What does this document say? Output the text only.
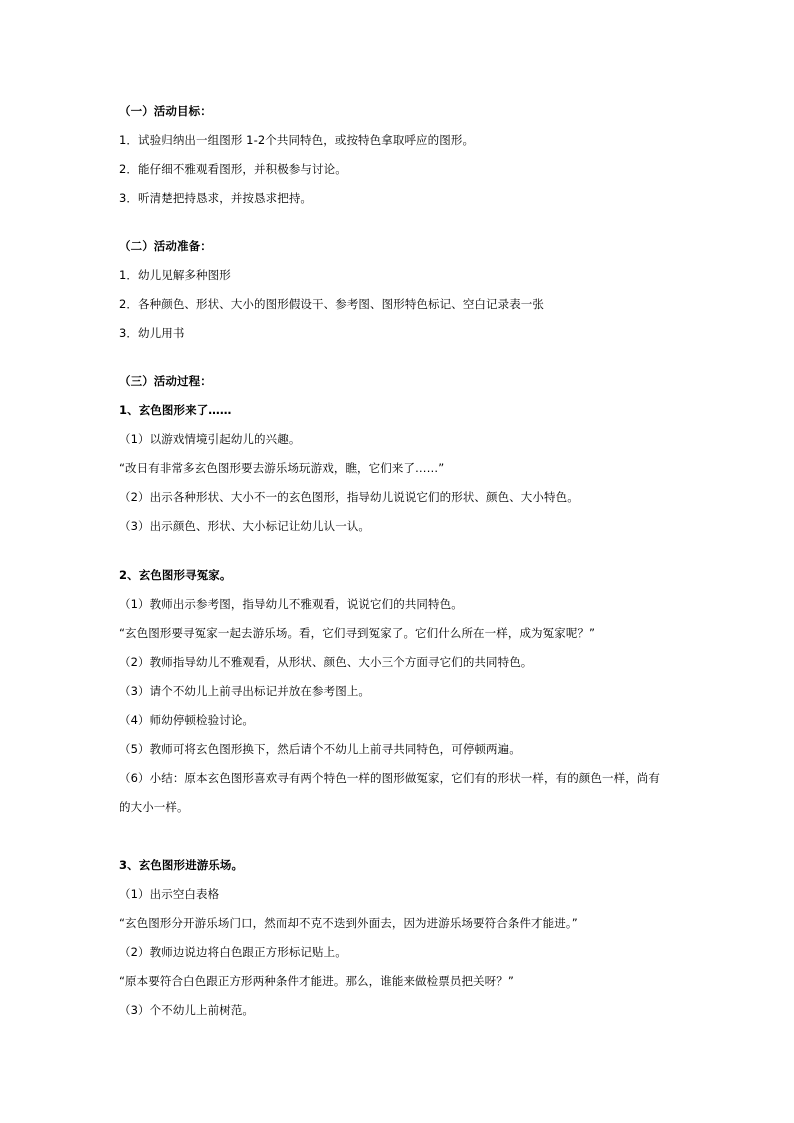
（一）活动目标：
1．试验归纳出一组图形 1-2个共同特色，或按特色拿取呼应的图形。
2．能仔细不雅观看图形，并积极参与讨论。
3．听清楚把持恳求，并按恳求把持。
（二）活动准备：
1．幼儿见解多种图形
2．各种颜色、形状、大小的图形假设干、参考图、图形特色标记、空白记录表一张
3．幼儿用书
（三）活动过程：
1、玄色图形来了……
（1）以游戏情境引起幼儿的兴趣。
“改日有非常多玄色图形要去游乐场玩游戏，瞧，它们来了……”
（2）出示各种形状、大小不一的玄色图形，指导幼儿说说它们的形状、颜色、大小特色。
（3）出示颜色、形状、大小标记让幼儿认一认。
2、玄色图形寻冤家。
（1）教师出示参考图，指导幼儿不雅观看，说说它们的共同特色。
“玄色图形要寻冤家一起去游乐场。看，它们寻到冤家了。它们什么所在一样，成为冤家呢？”
（2）教师指导幼儿不雅观看，从形状、颜色、大小三个方面寻它们的共同特色。
（3）请个不幼儿上前寻出标记并放在参考图上。
（4）师幼停顿检验讨论。
（5）教师可将玄色图形换下，然后请个不幼儿上前寻共同特色，可停顿两遍。
（6）小结：原本玄色图形喜欢寻有两个特色一样的图形做冤家，它们有的形状一样，有的颜色一样，尚有
的大小一样。
3、玄色图形进游乐场。
（1）出示空白表格
“玄色图形分开游乐场门口，然而却不克不迭到外面去，因为进游乐场要符合条件才能进。”
（2）教师边说边将白色跟正方形标记贴上。
“原本要符合白色跟正方形两种条件才能进。那么，谁能来做检票员把关呀？”
（3）个不幼儿上前树范。
